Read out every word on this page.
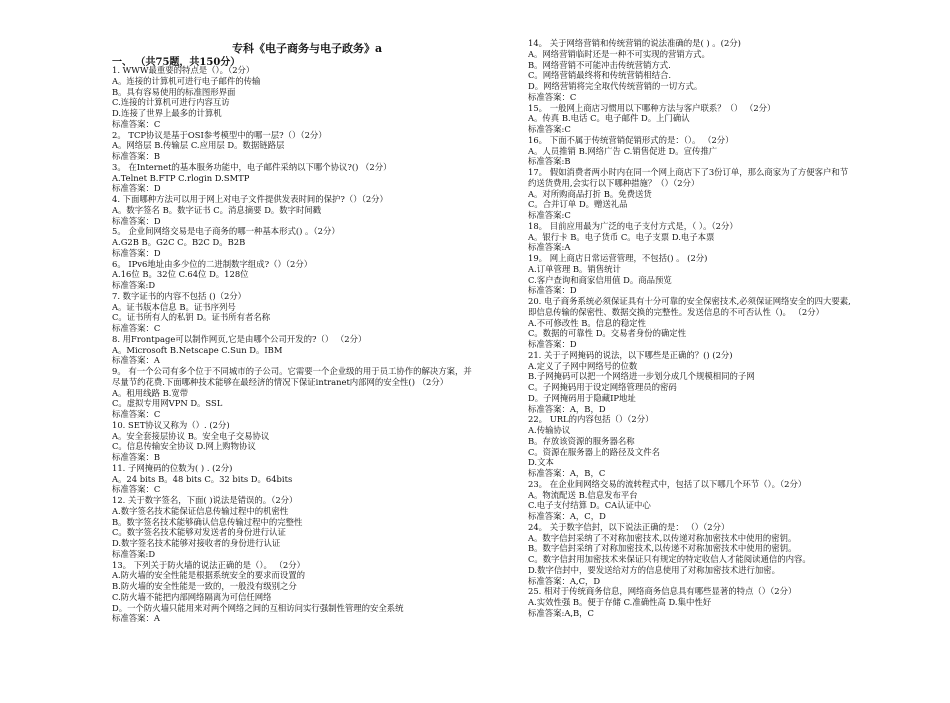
专科《电子商务与电子政务》a
一、 （共75题，共150分）
1. WWW最重要的特点是（）。（2分）
A。连接的计算机可进行电子邮件的传输
B。具有容易使用的标准图形界面
C.连接的计算机可进行内容互访
D.连接了世界上最多的计算机
标准答案：C
2。 TCP协议是基于OSI参考模型中的哪一层?（）（2分）
A。网络层 B.传输层 C.应用层 D。数据链路层
标准答案：B
3。 在Internet的基本服务功能中，电子邮件采纳以下哪个协议?() （2分）
A.Telnet B.FTP C.rlogin D.SMTP
标准答案：D
4. 下面哪种方法可以用于网上对电子文件提供发表时间的保护?（）（2分）
A。数字签名 B。数字证书 C。消息摘要 D。数字时间戳
标准答案：D
5。 企业间网络交易是电子商务的哪一种基本形式() 。（2分）
A.G2B B。G2C C。B2C D。B2B
标准答案：D
6。 IPv6地址由多少位的二进制数字组成?（）（2分）
A.16位 B。32位 C.64位 D。128位
标准答案:D
7. 数字证书的内容不包括 ()（2分）
A。证书版本信息 B。证书序列号
C。证书所有人的私钥 D。证书所有者名称
标准答案：C
8. 用Frontpage可以制作网页,它是由哪个公司开发的?（） （2分）
A。Microsoft B.Netscape C.Sun D。IBM
标准答案：A
9。 有一个公司有多个位于不同城市的子公司。它需要一个企业级的用于员工协作的解决方案，并
尽量节约花费.下面哪种技术能够在最经济的情况下保证intranet内部网的安全性() （2分）
A。租用线路 B.宽带
C。虚拟专用网VPN D。SSL
标准答案：C
10. SET协议又称为（）. (2分)
A。安全套接层协议 B。安全电子交易协议
C。信息传输安全协议 D.网上购物协议
标准答案：B
11. 子网掩码的位数为( ) . (2分)
A。24 bits B。48 bits C。32 bits D。64bits
标准答案：C
12. 关于数字签名，下面( )说法是错误的。（2分）
A.数字签名技术能保证信息传输过程中的机密性
B。数字签名技术能够确认信息传输过程中的完整性
C。数字签名技术能够对发送者的身份进行认证
D.数字签名技术能够对接收者的身份进行认证
标准答案:D
13。 下列关于防火墙的说法正确的是（）。 （2分）
A.防火墙的安全性能是根据系统安全的要求而设置的
B.防火墙的安全性能是一致的，一般没有级别之分
C.防火墙不能把内部网络隔离为可信任网络
D。一个防火墙只能用来对两个网络之间的互相访问实行强制性管理的安全系统
标准答案：A
14。 关于网络营销和传统营销的说法准确的是( ) 。(2分)
A。网络营销临时还是一种不可实现的营销方式。
B。网络营销不可能冲击传统营销方式.
C。网络营销最终将和传统营销相结合.
D。网络营销将完全取代传统营销的一切方式。
标准答案：C
15。 一般网上商店习惯用以下哪种方法与客户联系？（） （2分）
A。传真 B.电话 C。电子邮件 D。上门确认
标准答案:C
16。 下面不属于传统营销促销形式的是：（）。 （2分）
A。人员推销 B.网络广告 C.销售促进 D。宣传推广
标准答案:B
17。 假如消费者两小时内在同一个网上商店下了3份订单，那么商家为了方便客户和节
约送货费用,会实行以下哪种措施？（）（2分）
A。对所购商品打折 B。免费送货
C。合并订单 D。赠送礼品
标准答案:C
18。 目前应用最为广泛的电子支付方式是，（ ）。（2分）
A。银行卡 B。电子货币 C。电子支票 D.电子本票
标准答案:A
19。 网上商店日常运营管理，不包括() 。 (2分)
A.订单管理 B。销售统计
C.客户查询和商家信用值 D。商品预览
标准答案：D
20. 电子商务系统必须保证具有十分可靠的安全保密技术,必须保证网络安全的四大要素,
即信息传输的保密性、数据交换的完整性。发送信息的不可否认性（)。 （2分）
A.不可修改性 B。信息的稳定性
C。数据的可靠性 D。交易者身份的确定性
标准答案：D
21. 关于子网掩码的说法，以下哪些是正确的？() (2分)
A.定义了子网中网络号的位数
B.子网掩码可以把一个网络进一步划分成几个规模相同的子网
C。子网掩码用于设定网络管理员的密码
D。子网掩码用于隐藏IP地址
标准答案：A，B，D
22。 URL的内容包括（）（2分）
A.传输协议
B。存放该资源的服务器名称
C。资源在服务器上的路径及文件名
D.文本
标准答案：A，B，C
23。 在企业间网络交易的流转程式中，包括了以下哪几个环节（）。（2分）
A。物流配送 B.信息发布平台
C.电子支付结算 D。CA认证中心
标准答案：A，C，D
24。 关于数字信封，以下说法正确的是： （）（2分）
A。数字信封采纳了不对称加密技术,以传递对称加密技术中使用的密钥。
B。数字信封采纳了对称加密技术,以传递不对称加密技术中使用的密钥。
C。数字信封用加密技术来保证只有规定的特定收信人才能阅读通信的内容。
D.数字信封中，要发送给对方的信息使用了对称加密技术进行加密。
标准答案：A,C，D
25. 相对于传统商务信息，网络商务信息具有哪些显著的特点（）（2分）
A.实效性强 B。便于存储 C.准确性高 D.集中性好
标准答案:A,B，C
